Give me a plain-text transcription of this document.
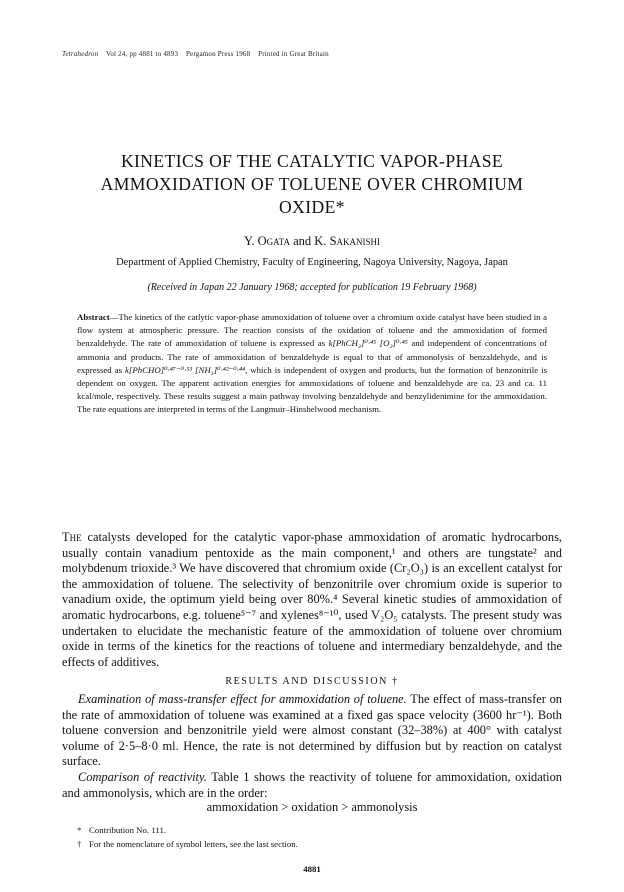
Tetrahedron Vol 24, pp 4881 to 4893 Pergamon Press 1968 Printed in Great Britain
KINETICS OF THE CATALYTIC VAPOR-PHASE
AMMOXIDATION OF TOLUENE OVER CHROMIUM
OXIDE*
Y. Ogata and K. Sakanishi
Department of Applied Chemistry, Faculty of Engineering, Nagoya University, Nagoya, Japan
(Received in Japan 22 January 1968; accepted for publication 19 February 1968)
Abstract—The kinetics of the catlytic vapor-phase ammoxidation of toluene over a chromium oxide catalyst have been studied in a flow system at atmospheric pressure. The reaction consists of the oxidation of toluene and the ammoxidation of formed benzaldehyde. The rate of ammoxidation of toluene is expressed as k[PhCH₃]⁰·⁴⁵ [O₂]⁰·⁴⁵ and independent of concentrations of ammonia and products. The rate of ammoxidation of benzaldehyde is equal to that of ammonolysis of benzaldehyde, and is expressed as k[PhCHO]⁰·⁴⁷⁻⁰·⁵³ [NH₃]⁰·⁴²⁻⁰·⁴⁴, which is independent of oxygen and products, but the formation of benzonitrile is dependent on oxygen. The apparent activation energies for ammoxidations of toluene and benzaldehyde are ca. 23 and ca. 11 kcal/mole, respectively. These results suggest a main pathway involving benzaldehyde and benzylidenimine for the ammoxidation. The rate equations are interpreted in terms of the Langmuir–Hinshelwood mechanism.

The catalysts developed for the catalytic vapor-phase ammoxidation of aromatic hydrocarbons, usually contain vanadium pentoxide as the main component,¹ and others are tungstate² and molybdenum trioxide.³ We have discovered that chromium oxide (Cr₂O₃) is an excellent catalyst for the ammoxidation of toluene. The selectivity of benzonitrile over chromium oxide is superior to vanadium oxide, the optimum yield being over 80%.⁴ Several kinetic studies of ammoxidation of aromatic hydrocarbons, e.g. toluene⁵⁻⁷ and xylenes⁸⁻¹⁰, used V₂O₅ catalysts. The present study was undertaken to elucidate the mechanistic feature of the ammoxidation of toluene over chromium oxide in terms of the kinetics for the reactions of toluene and intermediary benzaldehyde, and the effects of additives.

RESULTS AND DISCUSSION †

Examination of mass-transfer effect for ammoxidation of toluene. The effect of mass-transfer on the rate of ammoxidation of toluene was examined at a fixed gas space velocity (3600 hr⁻¹). Both toluene conversion and benzonitrile yield were almost constant (32–38%) at 400° with catalyst volume of 2·5–8·0 ml. Hence, the rate is not determined by diffusion but by reaction on catalyst surface.

Comparison of reactivity. Table 1 shows the reactivity of toluene for ammoxidation, oxidation and ammonolysis, which are in the order:

ammoxidation > oxidation > ammonolysis
* Contribution No. 111.
† For the nomenclature of symbol letters, see the last section.
4881
